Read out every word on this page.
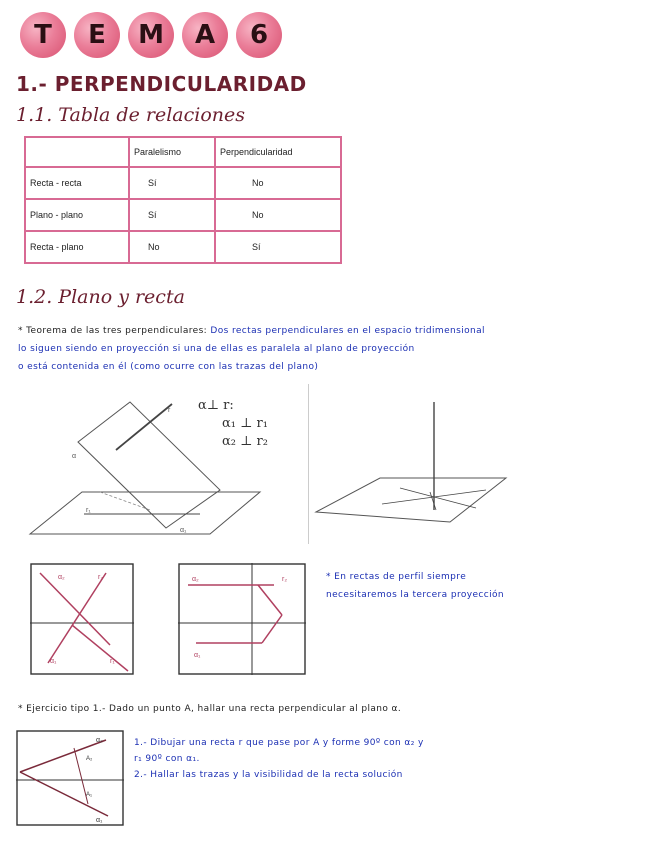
T E M A 6
1.- PERPENDICULARIDAD
1.1. Tabla de relaciones
	Paralelismo	Perpendicularidad
Recta - recta	Sí	No
Plano - plano	Sí	No
Recta - plano	No	Sí
1.2. Plano y recta
* Teorema de las tres perpendiculares: Dos rectas perpendiculares en el espacio tridimensional
lo siguen siendo en proyección si una de ellas es paralela al plano de proyección
o está contenida en él (como ocurre con las trazas del plano)
α
r
r₁
α₁
α⊥ r:
α₁ ⊥ r₁
α₂ ⊥ r₂
α₂	r₂
α₁	r₁
α₂	r₂
α₁
* En rectas de perfil siempre
necesitaremos la tercera proyección
* Ejercicio tipo 1.- Dado un punto A, hallar una recta perpendicular al plano α.
α₂
α₁
A₂
A₁
1.- Dibujar una recta r que pase por A y forme 90º con α₂ y
r₁ 90º con α₁.
2.- Hallar las trazas y la visibilidad de la recta solución
